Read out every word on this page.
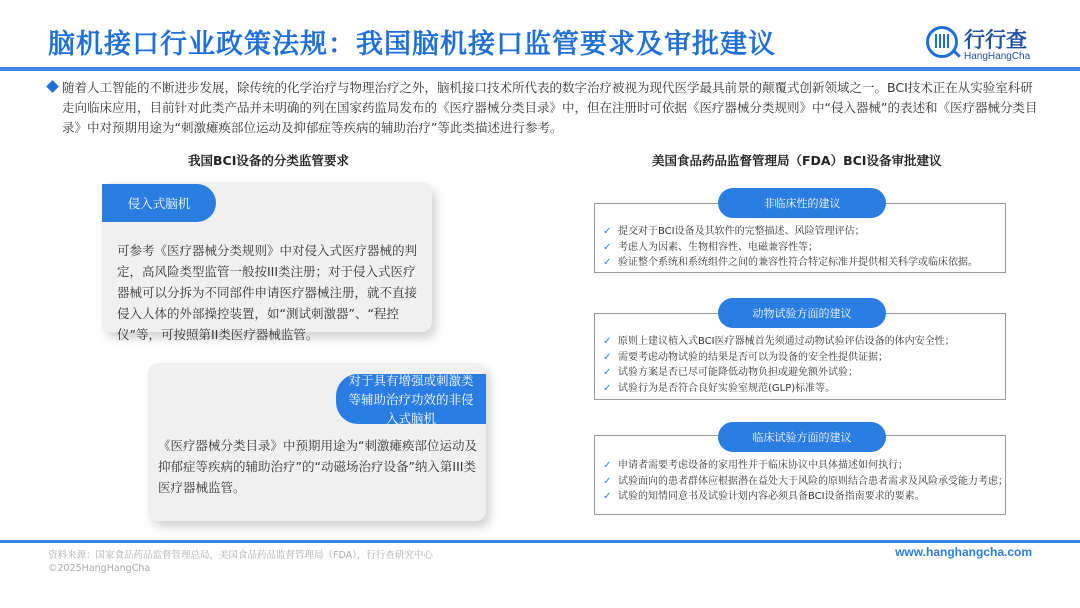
脑机接口行业政策法规：我国脑机接口监管要求及审批建议	行行查
HangHangCha
随着人工智能的不断进步发展，除传统的化学治疗与物理治疗之外，脑机接口技术所代表的数字治疗被视为现代医学最具前景的颠覆式创新领域之一。BCI技术正在从实验室科研走向临床应用，目前针对此类产品并未明确的列在国家药监局发布的《医疗器械分类目录》中，但在注册时可依据《医疗器械分类规则》中“侵入器械”的表述和《医疗器械分类目录》中对预期用途为“刺激瘫痪部位运动及抑郁症等疾病的辅助治疗”等此类描述进行参考。
我国BCI设备的分类监管要求
侵入式脑机
可参考《医疗器械分类规则》中对侵入式医疗器械的判定，高风险类型监管一般按III类注册；对于侵入式医疗器械可以分拆为不同部件申请医疗器械注册，就不直接侵入人体的外部操控装置，如“测试刺激器”、“程控仪”等，可按照第II类医疗器械监管。
对于具有增强或刺激类等辅助治疗功效的非侵入式脑机
《医疗器械分类目录》中预期用途为“刺激瘫痪部位运动及抑郁症等疾病的辅助治疗”的“动磁场治疗设备”纳入第III类医疗器械监管。
美国食品药品监督管理局（FDA）BCI设备审批建议
✓ 提交对于BCI设备及其软件的完整描述、风险管理评估；
✓ 考虑人为因素、生物相容性、电磁兼容性等；
✓ 验证整个系统和系统组件之间的兼容性符合特定标准并提供相关科学或临床依据。
非临床性的建议
✓ 原则上建议植入式BCI医疗器械首先须通过动物试验评估设备的体内安全性；
✓ 需要考虑动物试验的结果是否可以为设备的安全性提供证据；
✓ 试验方案是否已尽可能降低动物负担或避免额外试验；
✓ 试验行为是否符合良好实验室规范(GLP)标准等。
动物试验方面的建议
✓ 申请者需要考虑设备的家用性并于临床协议中具体描述如何执行；
✓ 试验面向的患者群体应根据潜在益处大于风险的原则结合患者需求及风险承受能力考虑；
✓ 试验的知情同意书及试验计划内容必须具备BCI设备指南要求的要素。
临床试验方面的建议
资料来源：国家食品药品监督管理总局，美国食品药品监督管理局（FDA），行行查研究中心
©2025HangHangCha
www.hanghangcha.com
